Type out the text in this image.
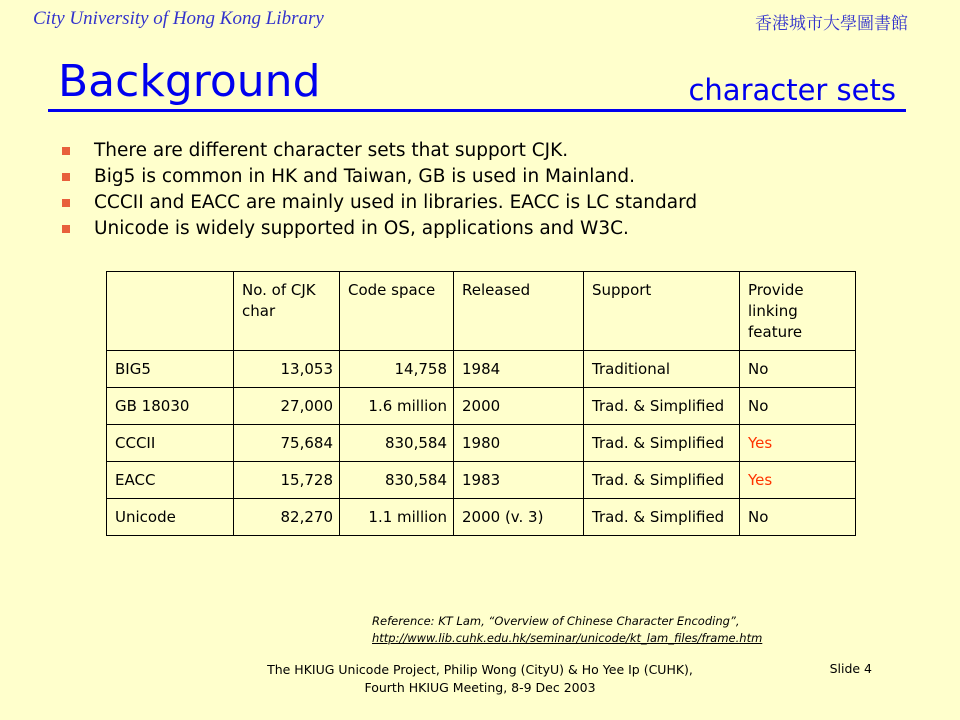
City University of Hong Kong Library	香港城市大學圖書館
Background	character sets
There are different character sets that support CJK.
Big5 is common in HK and Taiwan, GB is used in Mainland.
CCCII and EACC are mainly used in libraries. EACC is LC standard
Unicode is widely supported in OS, applications and W3C.
	No. of CJK char	Code space	Released	Support	Provide linking feature
BIG5	13,053	14,758	1984	Traditional	No
GB 18030	27,000	1.6 million	2000	Trad. & Simplified	No
CCCII	75,684	830,584	1980	Trad. & Simplified	Yes
EACC	15,728	830,584	1983	Trad. & Simplified	Yes
Unicode	82,270	1.1 million	2000 (v. 3)	Trad. & Simplified	No
Reference: KT Lam, “Overview of Chinese Character Encoding”,
http://www.lib.cuhk.edu.hk/seminar/unicode/kt_lam_files/frame.htm
The HKIUG Unicode Project, Philip Wong (CityU) & Ho Yee Ip (CUHK),
Fourth HKIUG Meeting, 8-9 Dec 2003
Slide 4
